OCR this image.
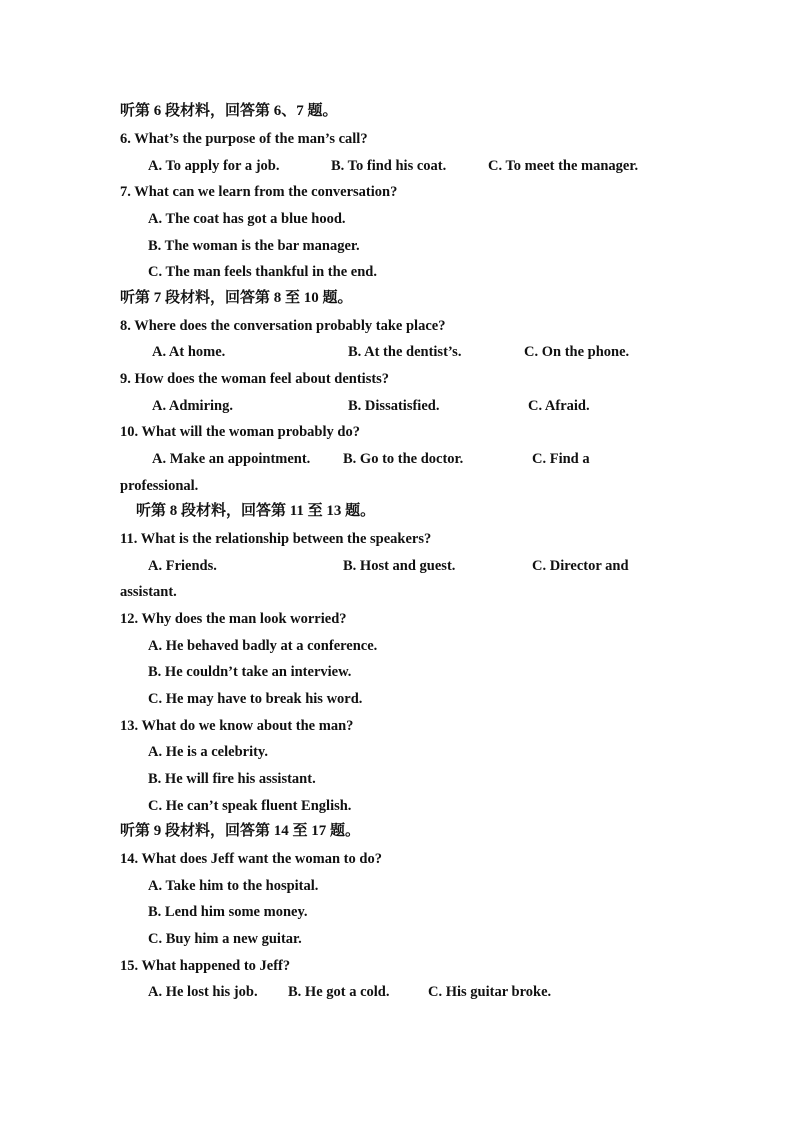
听第 6 段材料，回答第 6、7 题。
6. What’s the purpose of the man’s call?
A. To apply for a job.	B. To find his coat.	C. To meet the manager.
7. What can we learn from the conversation?
A. The coat has got a blue hood.
B. The woman is the bar manager.
C. The man feels thankful in the end.
听第 7 段材料，回答第 8 至 10 题。
8. Where does the conversation probably take place?
A. At home.	B. At the dentist’s.	C. On the phone.
9. How does the woman feel about dentists?
A. Admiring.	B. Dissatisfied.	C. Afraid.
10. What will the woman probably do?
A. Make an appointment. B. Go to the doctor.	C. Find a
professional.
听第 8 段材料，回答第 11 至 13 题。
11. What is the relationship between the speakers?
A. Friends.	B. Host and guest.	C. Director and
assistant.
12. Why does the man look worried?
A. He behaved badly at a conference.
B. He couldn’t take an interview.
C. He may have to break his word.
13. What do we know about the man?
A. He is a celebrity.
B. He will fire his assistant.
C. He can’t speak fluent English.
听第 9 段材料，回答第 14 至 17 题。
14. What does Jeff want the woman to do?
A. Take him to the hospital.
B. Lend him some money.
C. Buy him a new guitar.
15. What happened to Jeff?
A. He lost his job. B. He got a cold.	C. His guitar broke.
